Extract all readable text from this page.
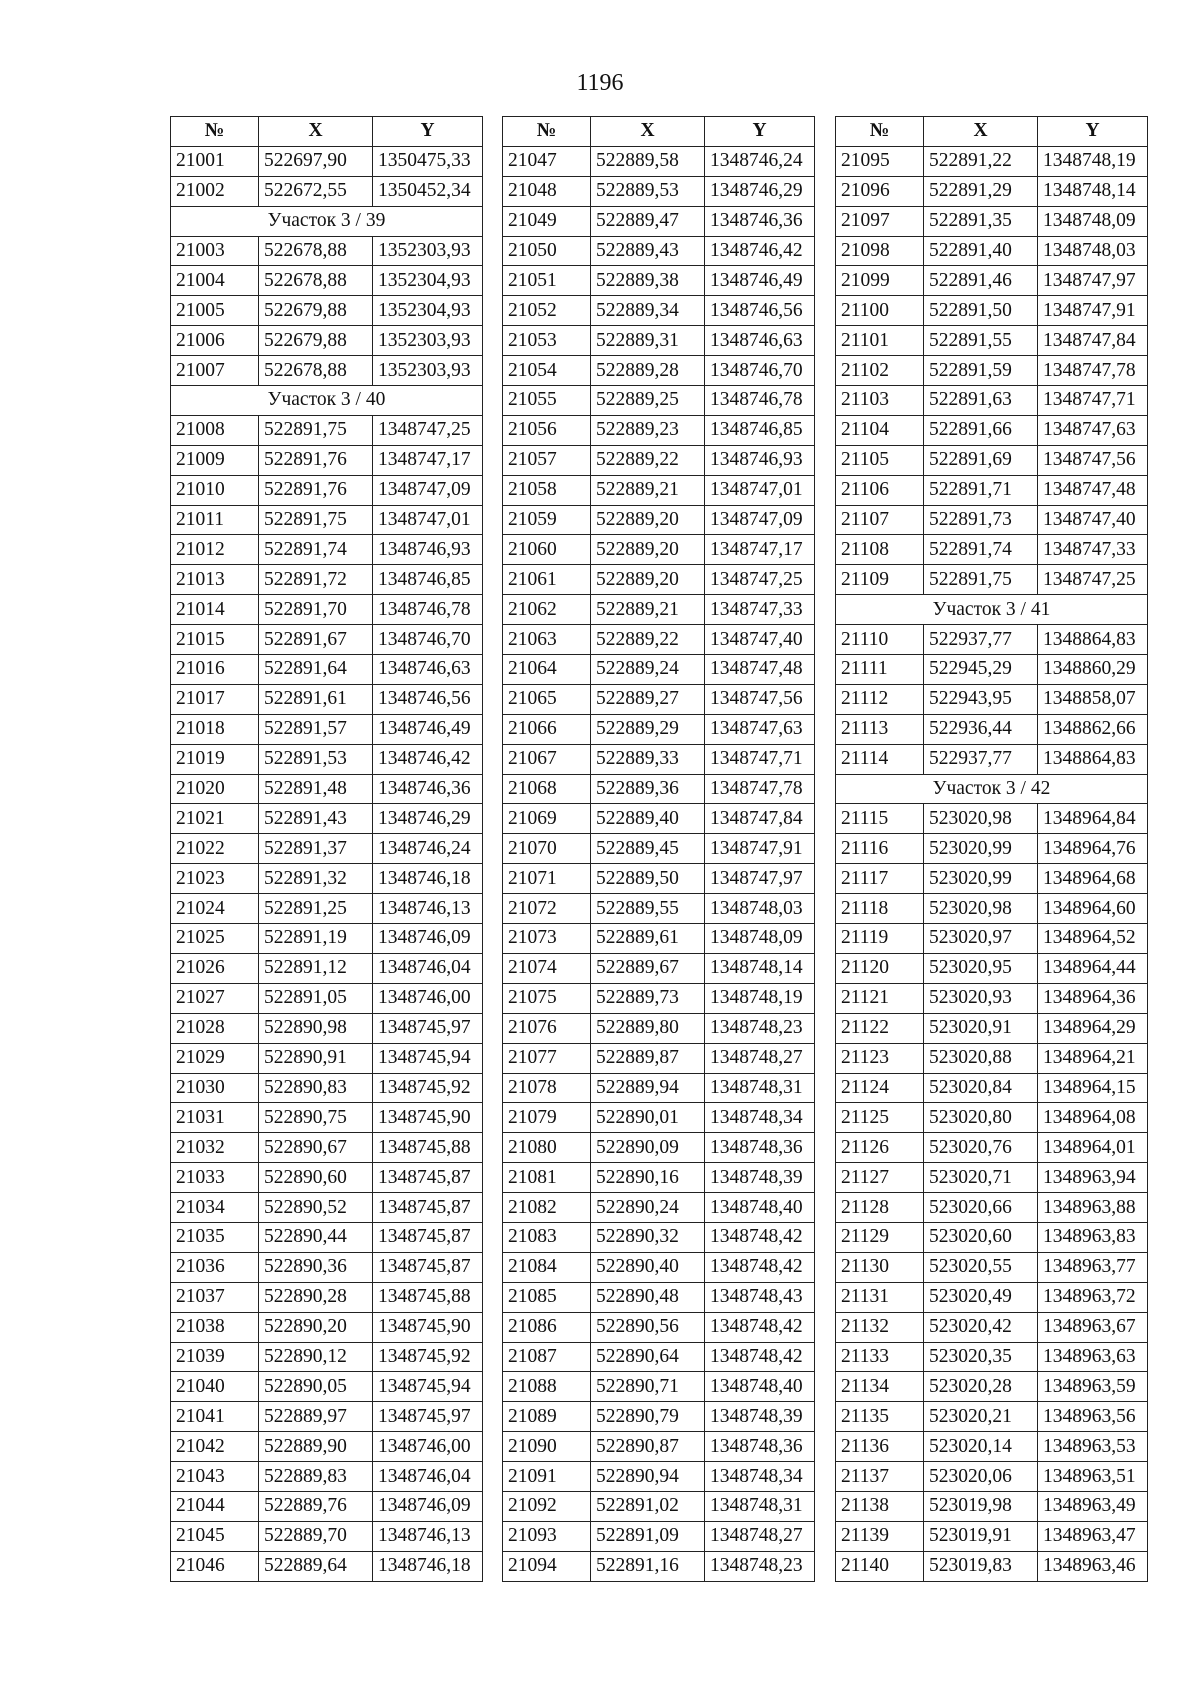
1196
№	X	Y
21001	522697,90	1350475,33
21002	522672,55	1350452,34
Участок 3 / 39		
21003	522678,88	1352303,93
21004	522678,88	1352304,93
21005	522679,88	1352304,93
21006	522679,88	1352303,93
21007	522678,88	1352303,93
Участок 3 / 40		
21008	522891,75	1348747,25
21009	522891,76	1348747,17
21010	522891,76	1348747,09
21011	522891,75	1348747,01
21012	522891,74	1348746,93
21013	522891,72	1348746,85
21014	522891,70	1348746,78
21015	522891,67	1348746,70
21016	522891,64	1348746,63
21017	522891,61	1348746,56
21018	522891,57	1348746,49
21019	522891,53	1348746,42
21020	522891,48	1348746,36
21021	522891,43	1348746,29
21022	522891,37	1348746,24
21023	522891,32	1348746,18
21024	522891,25	1348746,13
21025	522891,19	1348746,09
21026	522891,12	1348746,04
21027	522891,05	1348746,00
21028	522890,98	1348745,97
21029	522890,91	1348745,94
21030	522890,83	1348745,92
21031	522890,75	1348745,90
21032	522890,67	1348745,88
21033	522890,60	1348745,87
21034	522890,52	1348745,87
21035	522890,44	1348745,87
21036	522890,36	1348745,87
21037	522890,28	1348745,88
21038	522890,20	1348745,90
21039	522890,12	1348745,92
21040	522890,05	1348745,94
21041	522889,97	1348745,97
21042	522889,90	1348746,00
21043	522889,83	1348746,04
21044	522889,76	1348746,09
21045	522889,70	1348746,13
21046	522889,64	1348746,18
№	X	Y
21047	522889,58	1348746,24
21048	522889,53	1348746,29
21049	522889,47	1348746,36
21050	522889,43	1348746,42
21051	522889,38	1348746,49
21052	522889,34	1348746,56
21053	522889,31	1348746,63
21054	522889,28	1348746,70
21055	522889,25	1348746,78
21056	522889,23	1348746,85
21057	522889,22	1348746,93
21058	522889,21	1348747,01
21059	522889,20	1348747,09
21060	522889,20	1348747,17
21061	522889,20	1348747,25
21062	522889,21	1348747,33
21063	522889,22	1348747,40
21064	522889,24	1348747,48
21065	522889,27	1348747,56
21066	522889,29	1348747,63
21067	522889,33	1348747,71
21068	522889,36	1348747,78
21069	522889,40	1348747,84
21070	522889,45	1348747,91
21071	522889,50	1348747,97
21072	522889,55	1348748,03
21073	522889,61	1348748,09
21074	522889,67	1348748,14
21075	522889,73	1348748,19
21076	522889,80	1348748,23
21077	522889,87	1348748,27
21078	522889,94	1348748,31
21079	522890,01	1348748,34
21080	522890,09	1348748,36
21081	522890,16	1348748,39
21082	522890,24	1348748,40
21083	522890,32	1348748,42
21084	522890,40	1348748,42
21085	522890,48	1348748,43
21086	522890,56	1348748,42
21087	522890,64	1348748,42
21088	522890,71	1348748,40
21089	522890,79	1348748,39
21090	522890,87	1348748,36
21091	522890,94	1348748,34
21092	522891,02	1348748,31
21093	522891,09	1348748,27
21094	522891,16	1348748,23
№	X	Y
21095	522891,22	1348748,19
21096	522891,29	1348748,14
21097	522891,35	1348748,09
21098	522891,40	1348748,03
21099	522891,46	1348747,97
21100	522891,50	1348747,91
21101	522891,55	1348747,84
21102	522891,59	1348747,78
21103	522891,63	1348747,71
21104	522891,66	1348747,63
21105	522891,69	1348747,56
21106	522891,71	1348747,48
21107	522891,73	1348747,40
21108	522891,74	1348747,33
21109	522891,75	1348747,25
Участок 3 / 41		
21110	522937,77	1348864,83
21111	522945,29	1348860,29
21112	522943,95	1348858,07
21113	522936,44	1348862,66
21114	522937,77	1348864,83
Участок 3 / 42		
21115	523020,98	1348964,84
21116	523020,99	1348964,76
21117	523020,99	1348964,68
21118	523020,98	1348964,60
21119	523020,97	1348964,52
21120	523020,95	1348964,44
21121	523020,93	1348964,36
21122	523020,91	1348964,29
21123	523020,88	1348964,21
21124	523020,84	1348964,15
21125	523020,80	1348964,08
21126	523020,76	1348964,01
21127	523020,71	1348963,94
21128	523020,66	1348963,88
21129	523020,60	1348963,83
21130	523020,55	1348963,77
21131	523020,49	1348963,72
21132	523020,42	1348963,67
21133	523020,35	1348963,63
21134	523020,28	1348963,59
21135	523020,21	1348963,56
21136	523020,14	1348963,53
21137	523020,06	1348963,51
21138	523019,98	1348963,49
21139	523019,91	1348963,47
21140	523019,83	1348963,46
